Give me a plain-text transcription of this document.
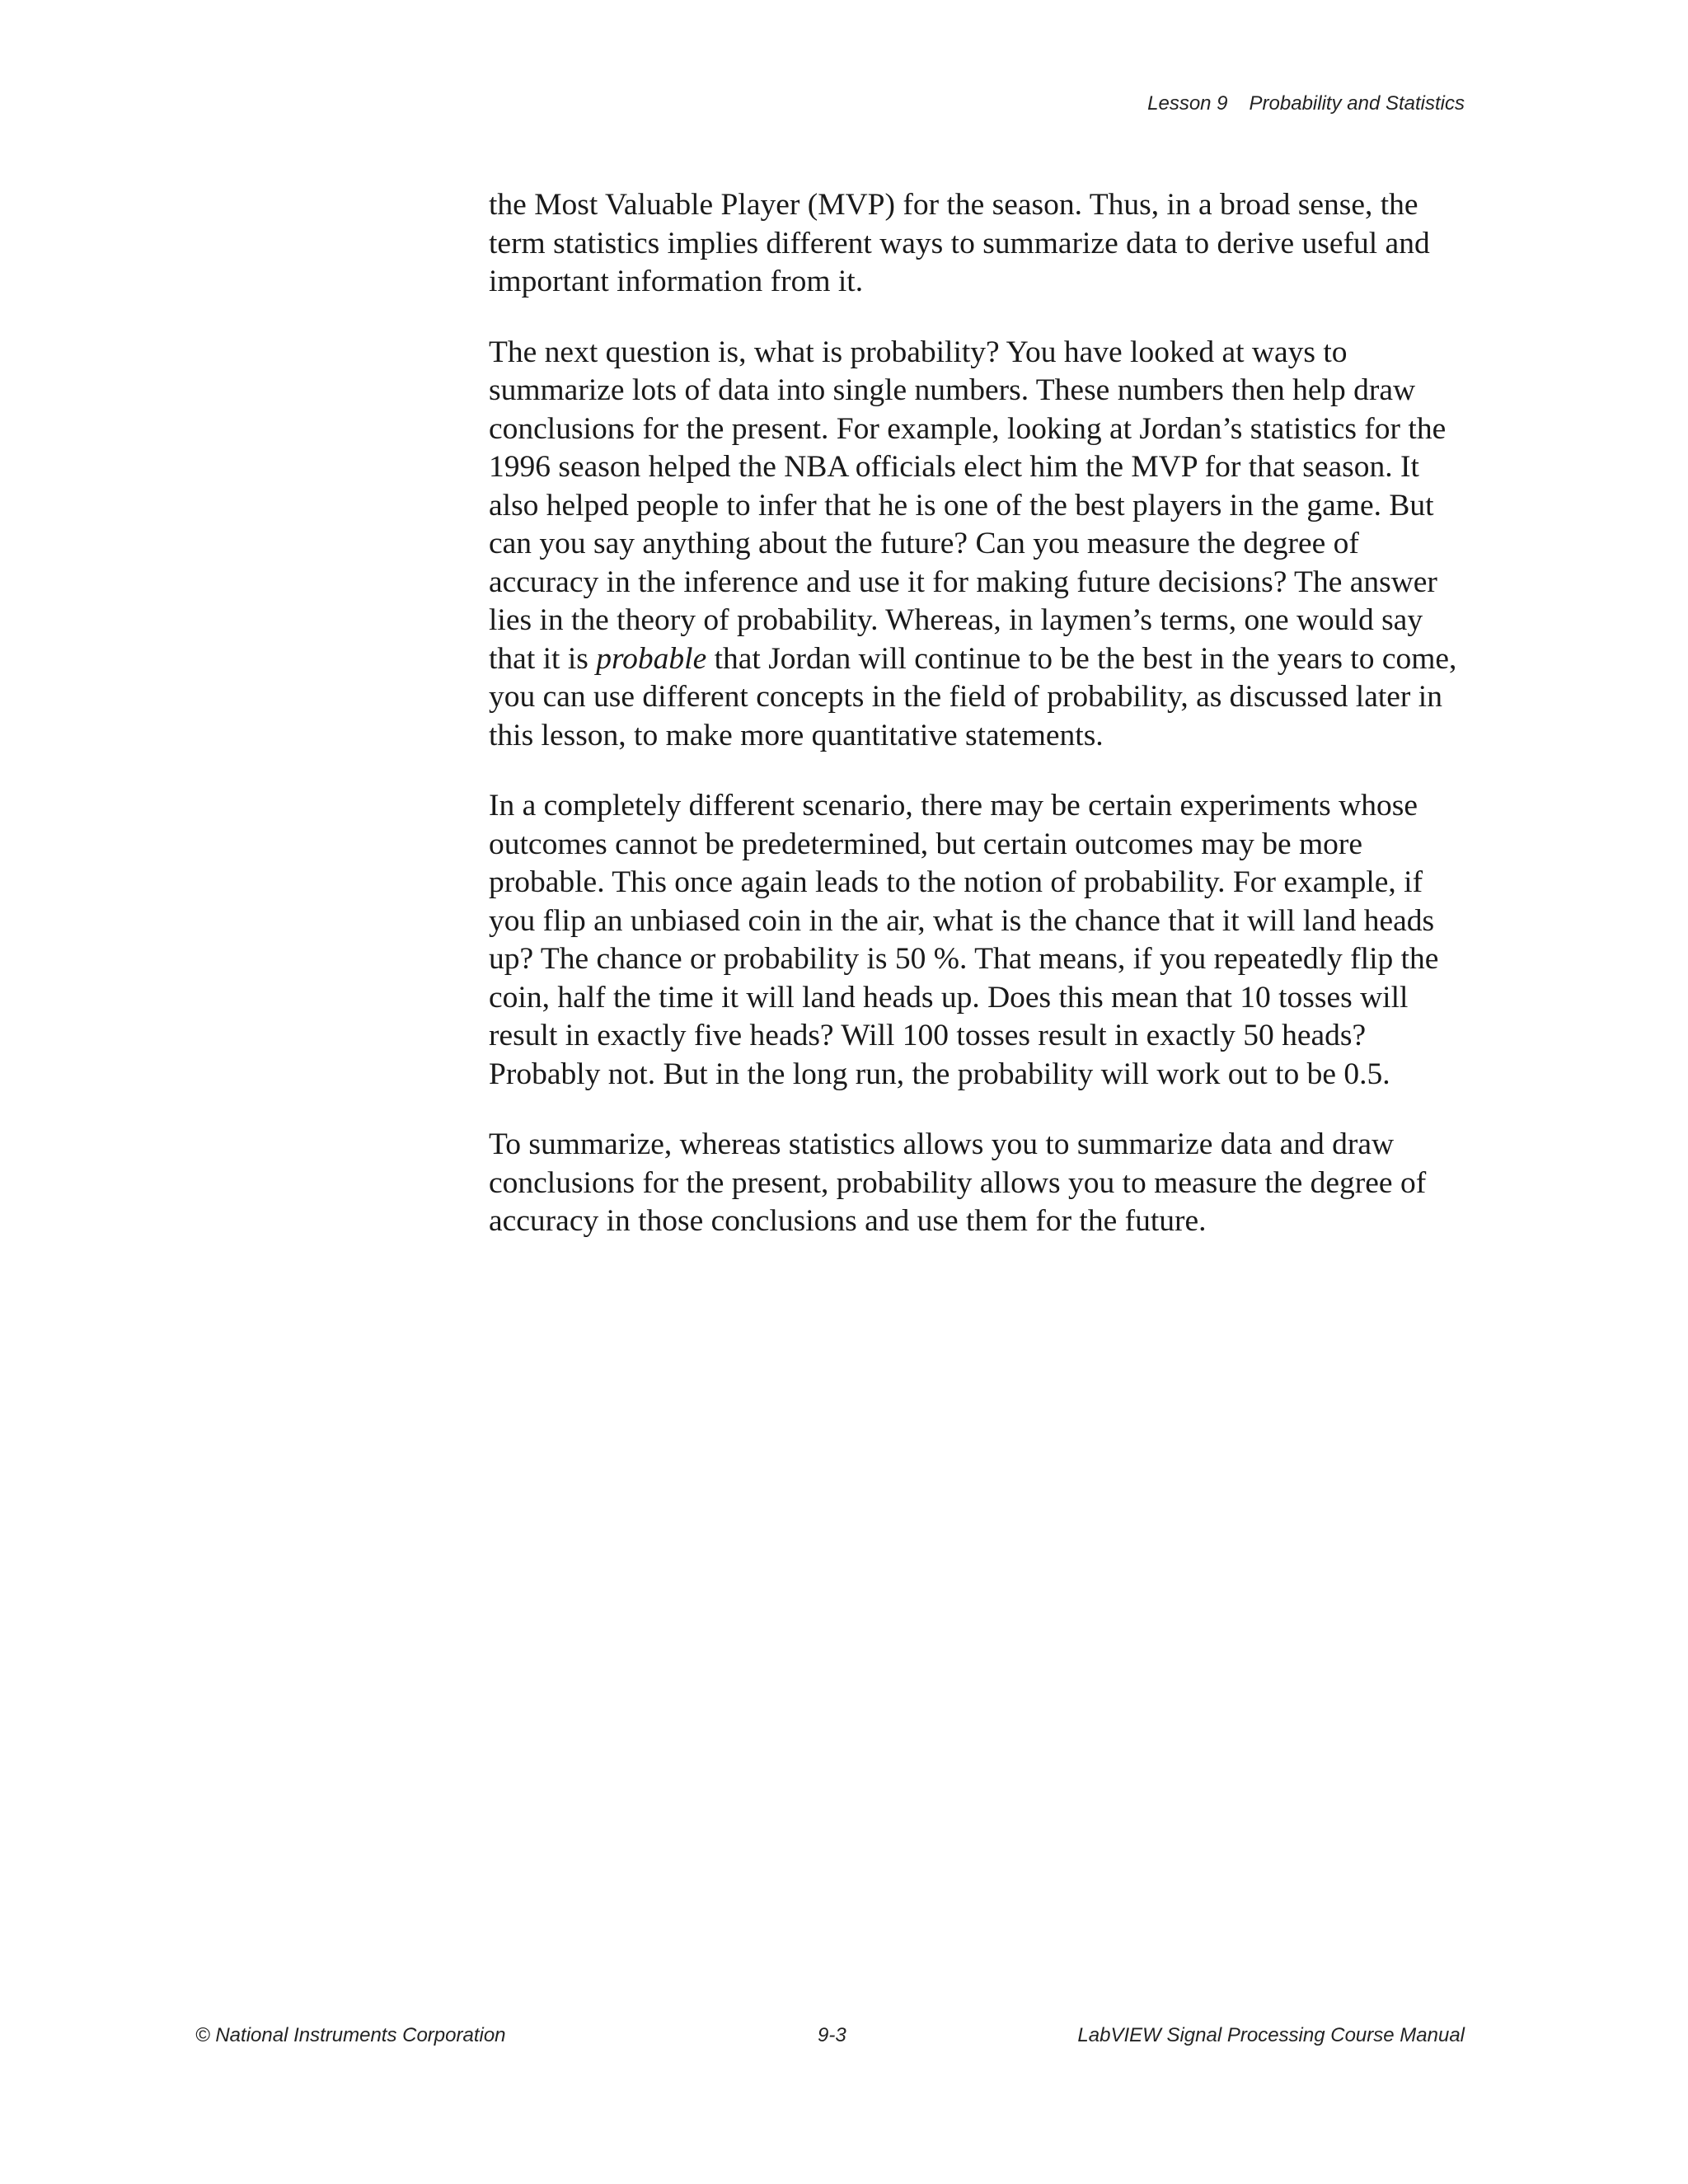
Lesson 9 Probability and Statistics

the Most Valuable Player (MVP) for the season. Thus, in a broad sense, the term statistics implies different ways to summarize data to derive useful and important information from it.

The next question is, what is probability? You have looked at ways to summarize lots of data into single numbers. These numbers then help draw conclusions for the present. For example, looking at Jordan’s statistics for the 1996 season helped the NBA officials elect him the MVP for that season. It also helped people to infer that he is one of the best players in the game. But can you say anything about the future? Can you measure the degree of accuracy in the inference and use it for making future decisions? The answer lies in the theory of probability. Whereas, in laymen’s terms, one would say that it is probable that Jordan will continue to be the best in the years to come, you can use different concepts in the field of probability, as discussed later in this lesson, to make more quantitative statements.

In a completely different scenario, there may be certain experiments whose outcomes cannot be predetermined, but certain outcomes may be more probable. This once again leads to the notion of probability. For example, if you flip an unbiased coin in the air, what is the chance that it will land heads up? The chance or probability is 50 %. That means, if you repeatedly flip the coin, half the time it will land heads up. Does this mean that 10 tosses will result in exactly five heads? Will 100 tosses result in exactly 50 heads? Probably not. But in the long run, the probability will work out to be 0.5.

To summarize, whereas statistics allows you to summarize data and draw conclusions for the present, probability allows you to measure the degree of accuracy in those conclusions and use them for the future.

© National Instruments Corporation	9-3	LabVIEW Signal Processing Course Manual
